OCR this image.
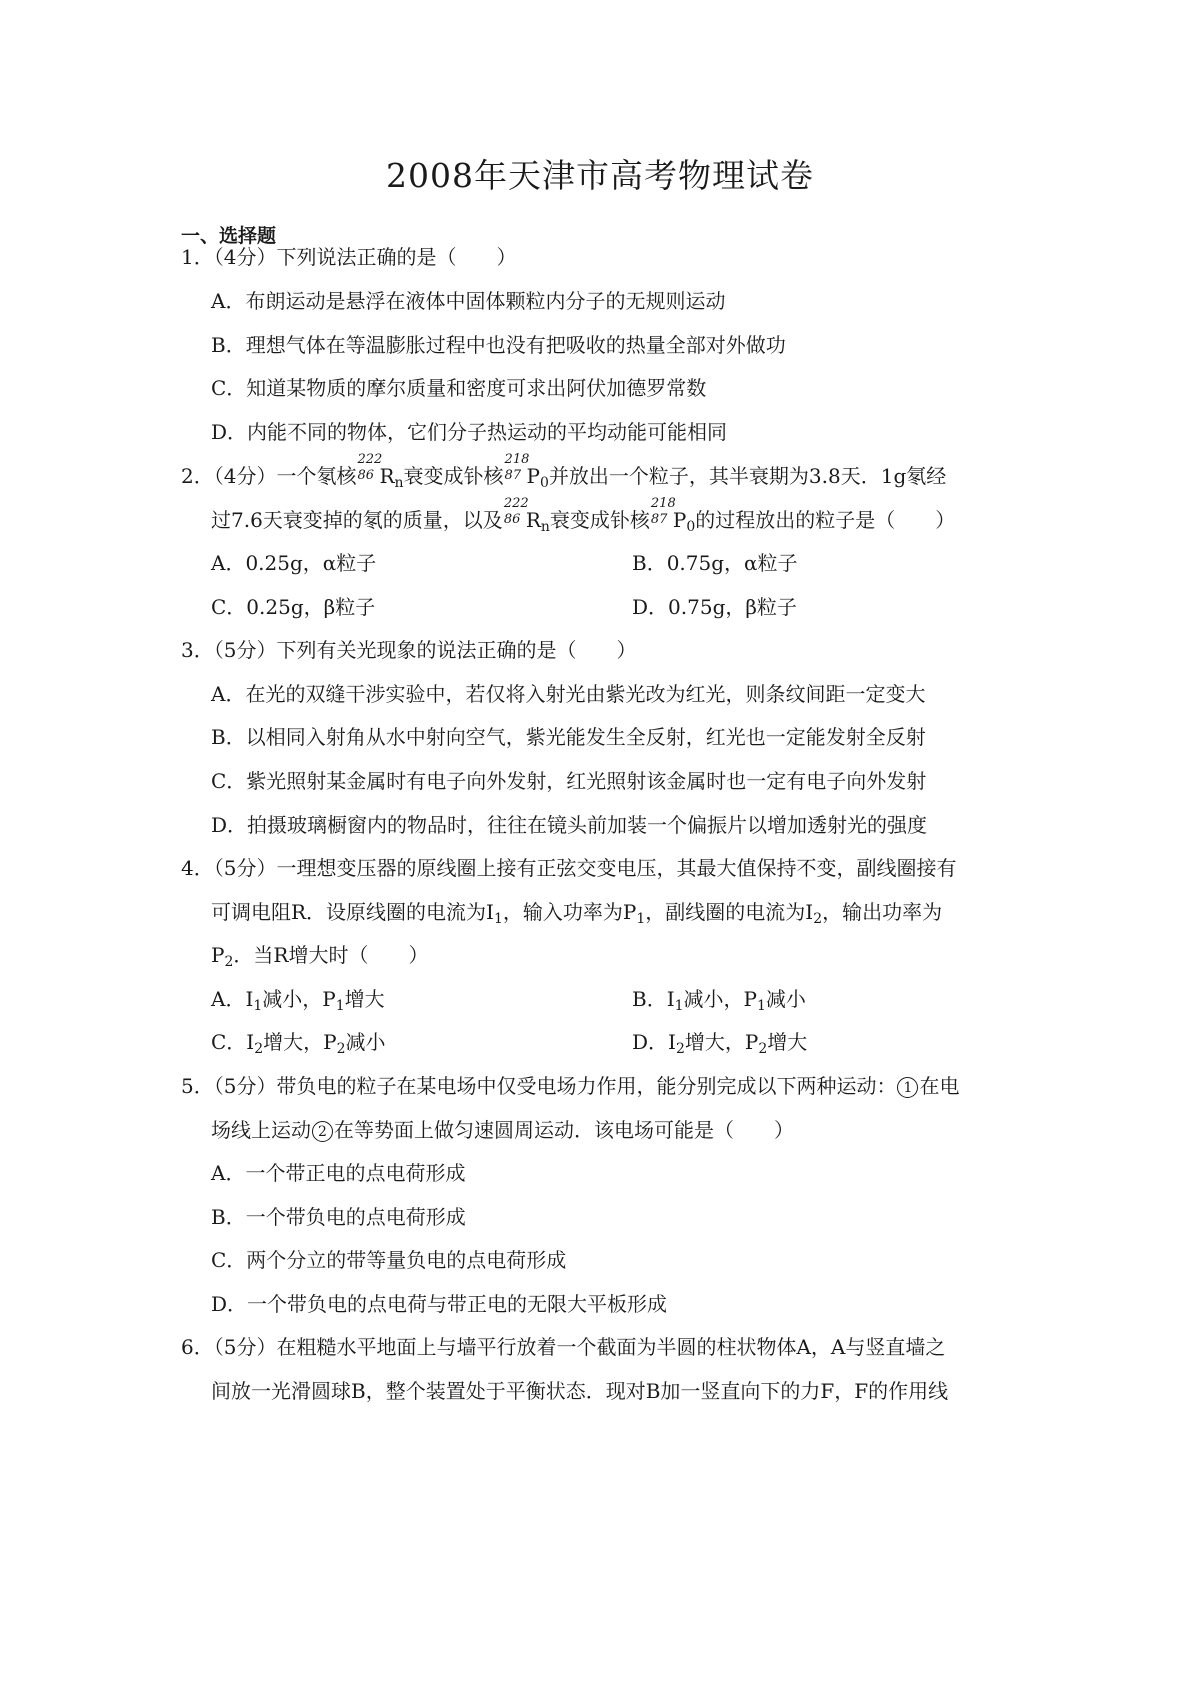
2008年天津市高考物理试卷
一、选择题
1．（4分）下列说法正确的是（　　）
A．布朗运动是悬浮在液体中固体颗粒内分子的无规则运动
B．理想气体在等温膨胀过程中也没有把吸收的热量全部对外做功
C．知道某物质的摩尔质量和密度可求出阿伏加德罗常数
D．内能不同的物体，它们分子热运动的平均动能可能相同
2．（4分）一个氡核
222
86 $R_n$衰变成钋核
218
87 $P_0$并放出一个粒子，其半衰期为3.8天．1g氡经
过7.6天衰变掉的氡的质量，以及
222
86 $R_n$衰变成钋核
218
87 $P_0$的过程放出的粒子是（　　）
A．0.25g，α粒子	B．0.75g，α粒子
C．0.25g，β粒子	D．0.75g，β粒子
3．（5分）下列有关光现象的说法正确的是（　　）
A．在光的双缝干涉实验中，若仅将入射光由紫光改为红光，则条纹间距一定变大
B．以相同入射角从水中射向空气，紫光能发生全反射，红光也一定能发射全反射
C．紫光照射某金属时有电子向外发射，红光照射该金属时也一定有电子向外发射
D．拍摄玻璃橱窗内的物品时，往往在镜头前加装一个偏振片以增加透射光的强度
4．（5分）一理想变压器的原线圈上接有正弦交变电压，其最大值保持不变，副线圈接有
可调电阻R．设原线圈的电流为$I_1$，输入功率为$P_1$，副线圈的电流为$I_2$，输出功率为
$P_2$．当R增大时（　　）
A．$I_1$减小，$P_1$增大	B．$I_1$减小，$P_1$减小
C．$I_2$增大，$P_2$减小	D．$I_2$增大，$P_2$增大
5．（5分）带负电的粒子在某电场中仅受电场力作用，能分别完成以下两种运动： 1 在电
场线上运动 2 在等势面上做匀速圆周运动．该电场可能是（　　）
A．一个带正电的点电荷形成
B．一个带负电的点电荷形成
C．两个分立的带等量负电的点电荷形成
D．一个带负电的点电荷与带正电的无限大平板形成
6．（5分）在粗糙水平地面上与墙平行放着一个截面为半圆的柱状物体A，A与竖直墙之
间放一光滑圆球B，整个装置处于平衡状态．现对B加一竖直向下的力F，F的作用线
